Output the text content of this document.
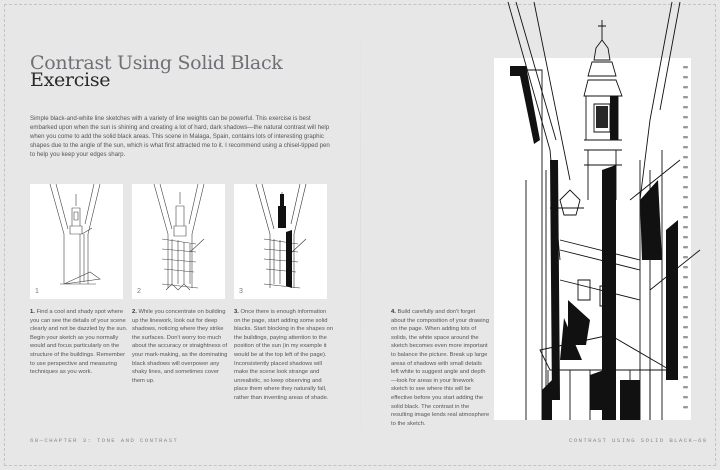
Contrast Using Solid Black
Exercise
Simple black-and-white line sketches with a variety of line weights can be powerful. This exercise is best embarked upon when the sun is shining and creating a lot of hard, dark shadows—the natural contrast will help when you come to add the solid black areas. This scene in Malaga, Spain, contains lots of interesting graphic shapes due to the angle of the sun, which is what first attracted me to it. I recommend using a chisel-tipped pen to help you keep your edges sharp.
1	2	3
1. Find a cool and shady spot where you can see the details of your scene clearly and not be dazzled by the sun. Begin your sketch as you normally would and focus particularly on the structure of the buildings. Remember to use perspective and measuring techniques as you work.
2. While you concentrate on building up the linework, look out for deep shadows, noticing where they strike the surfaces. Don't worry too much about the accuracy or straightness of your mark-making, as the dominating black shadows will overpower any shaky lines, and sometimes cover them up.
3. Once there is enough information on the page, start adding some solid blacks. Start blocking in the shapes on the buildings, paying attention to the position of the sun (in my example it would be at the top left of the page). Inconsistently placed shadows will make the scene look strange and unrealistic, so keep observing and place them where they naturally fall, rather than inventing areas of shade.
4. Build carefully and don't forget about the composition of your drawing on the page. When adding lots of solids, the white space around the sketch becomes even more important to balance the picture. Break up large areas of shadows with small details left white to suggest angle and depth—look for areas in your linework sketch to see where this will be effective before you start adding the solid black. The contrast in the resulting image lends real atmosphere to the sketch.
68—CHAPTER 3: TONE AND CONTRAST	CONTRAST USING SOLID BLACK—69
